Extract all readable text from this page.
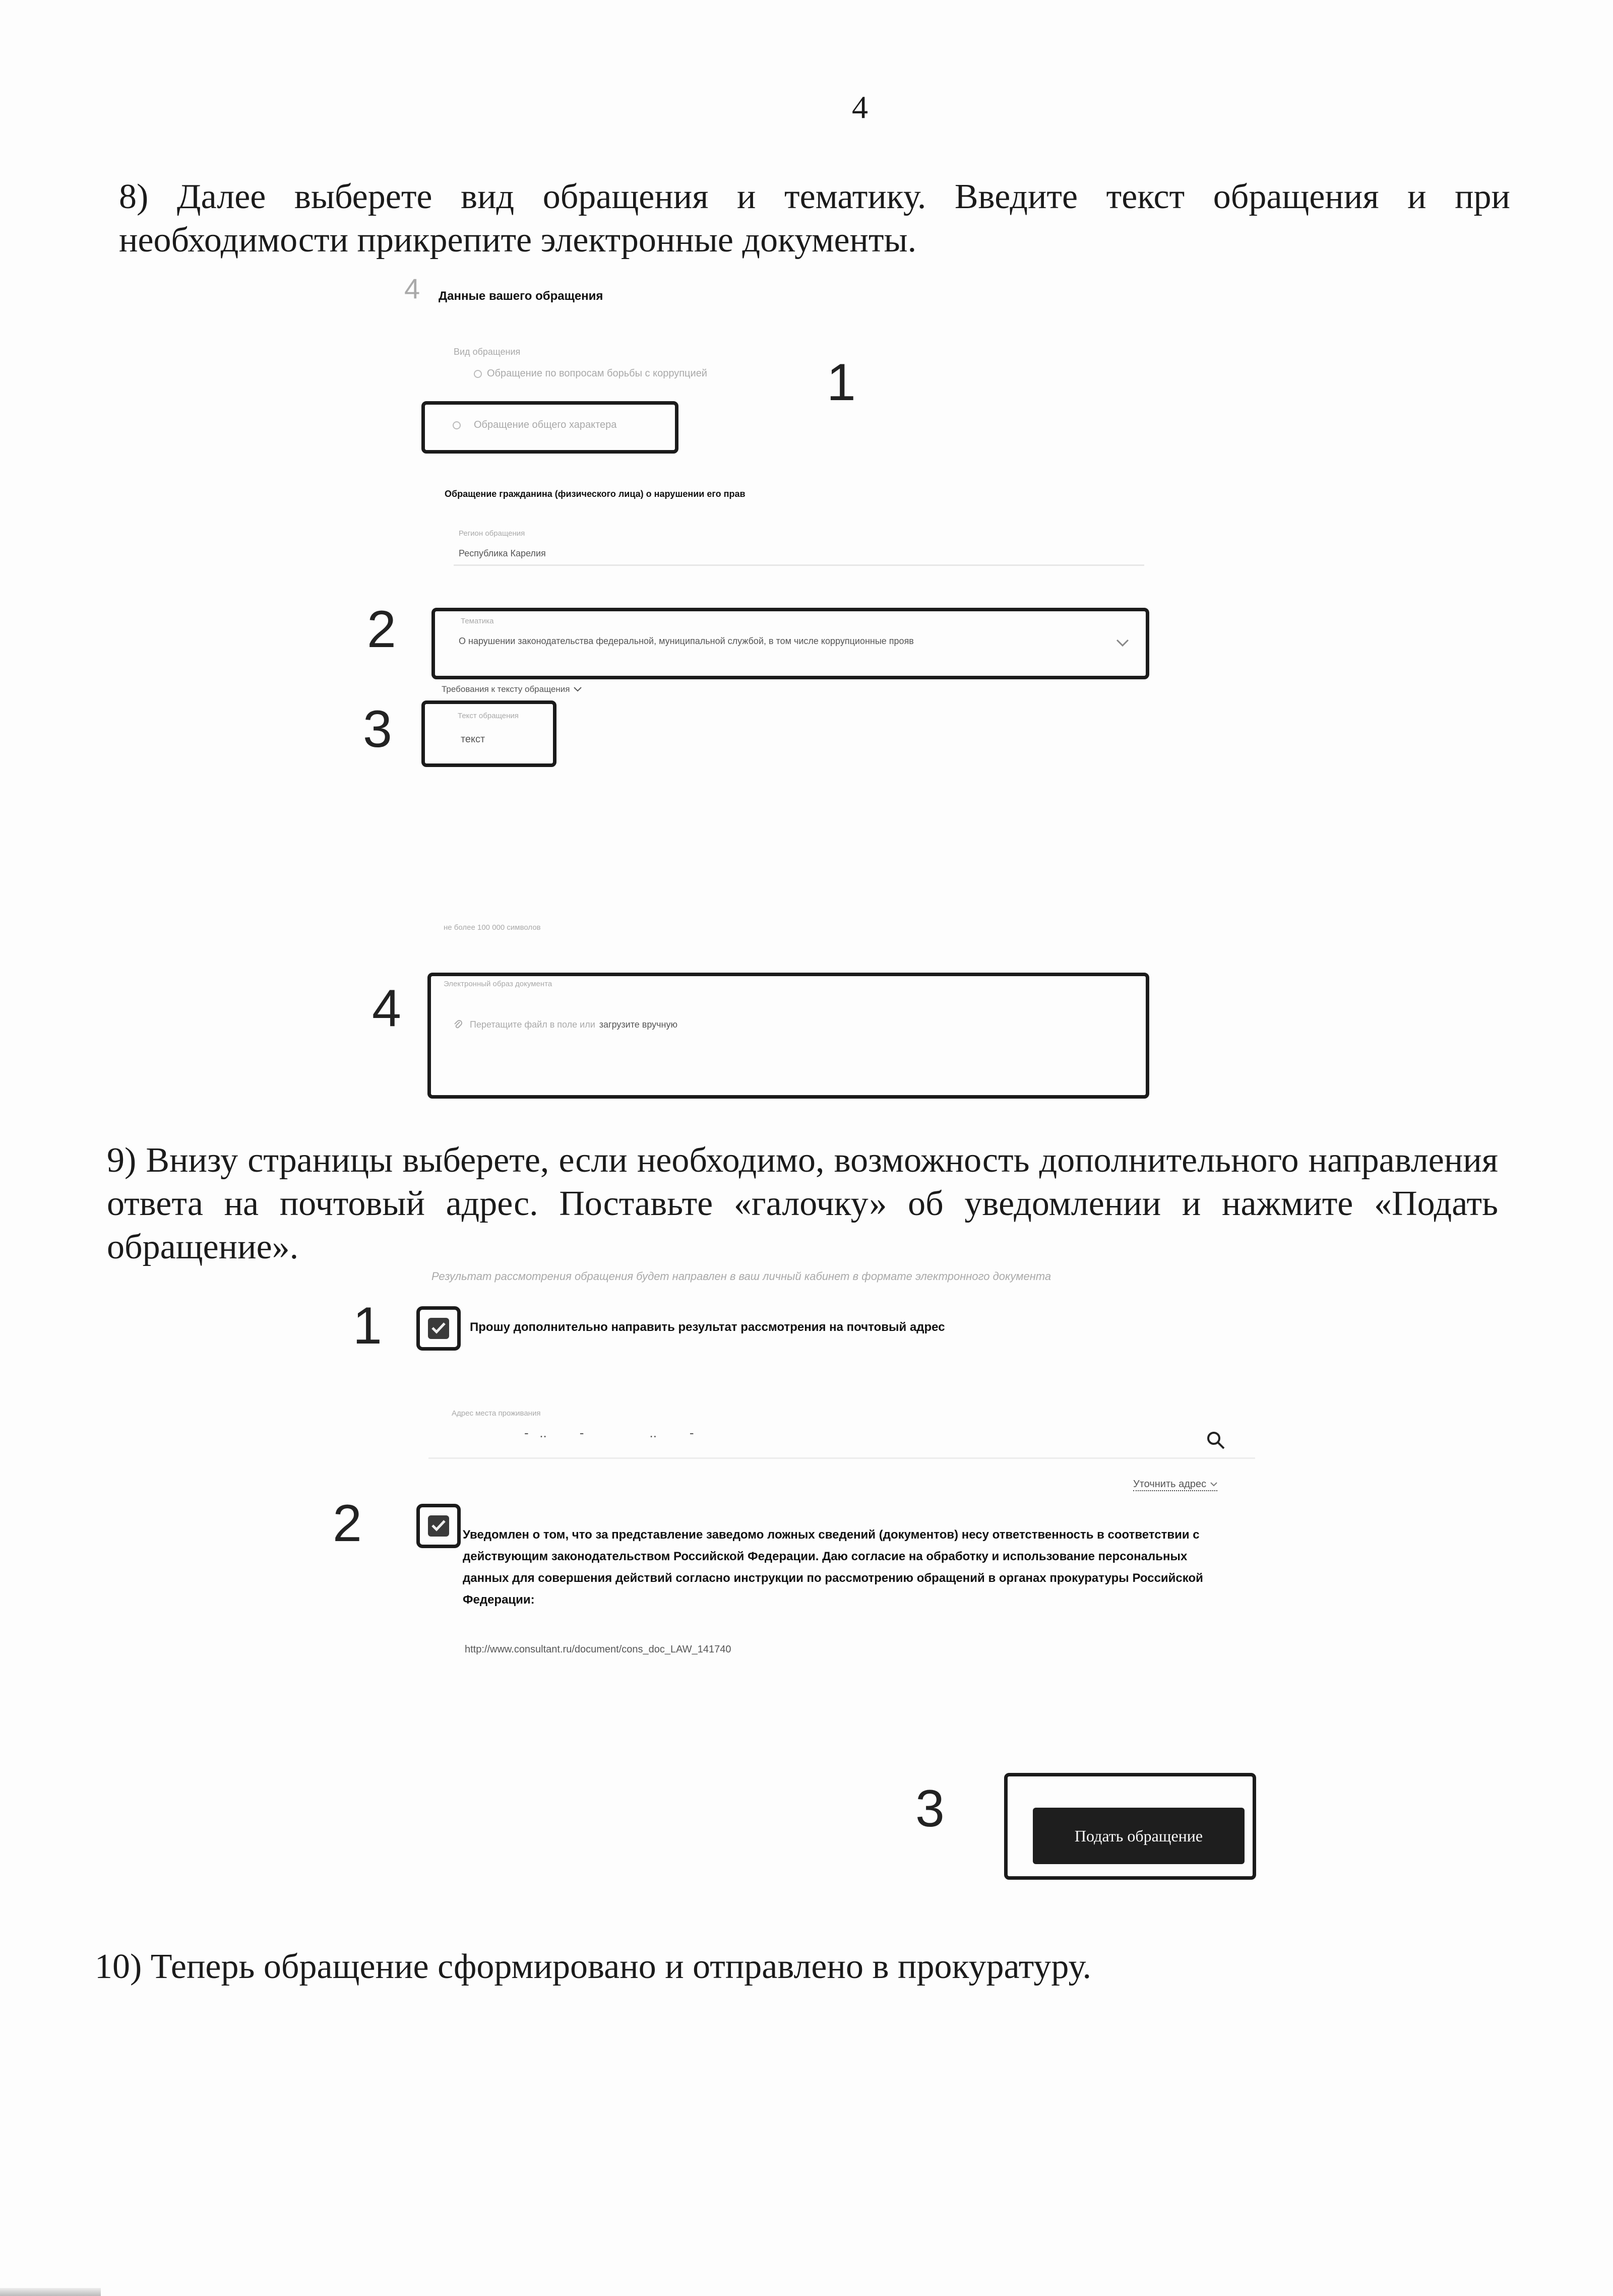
4

8) Далее выберете вид обращения и тематику. Введите текст обращения и при необходимости прикрепите электронные документы.

4 Данные вашего обращения
Вид обращения
Обращение по вопросам борьбы с коррупцией 1
Обращение общего характера
Обращение гражданина (физического лица) о нарушении его прав
Регион обращения
Республика Карелия
2	Тематика
О нарушении законодательства федеральной, муниципальной службой, в том числе коррупционные прояв
Требования к тексту обращения
3	Текст обращения
текст
не более 100 000 символов
4	Электронный образ документа
Перетащите файл в поле или загрузите вручную

9) Внизу страницы выберете, если необходимо, возможность дополнительного направления ответа на почтовый адрес. Поставьте «галочку» об уведомлении и нажмите «Подать обращение».

Результат рассмотрения обращения будет направлен в ваш личный кабинет в формате электронного документа
1	Прошу дополнительно направить результат рассмотрения на почтовый адрес
Адрес места проживания
-   ..         -                  ..         -
Уточнить адрес
2	Уведомлен о том, что за представление заведомо ложных сведений (документов) несу ответственность в соответствии с действующим законодательством Российской Федерации. Даю согласие на обработку и использование персональных данных для совершения действий согласно инструкции по рассмотрению обращений в органах прокуратуры Российской Федерации:
http://www.consultant.ru/document/cons_doc_LAW_141740
3	Подать обращение

10) Теперь обращение сформировано и отправлено в прокуратуру.
